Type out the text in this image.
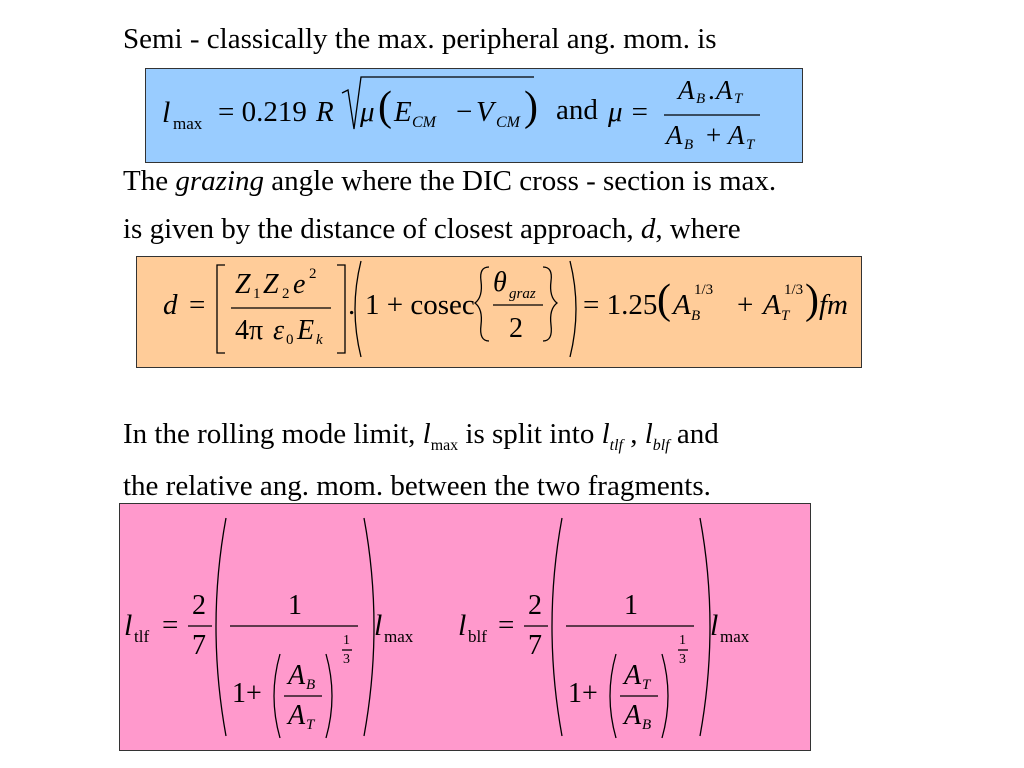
Semi - classically the max. peripheral ang. mom. is
l max = 0.219 R μ ( E CM − V CM ) and μ =
A B . A T
A B + A T
The grazing angle where the DIC cross - section is max.
is given by the distance of closest approach, d, where
d =
Z 1 Z 2 e 2
4π ε 0 E k
. 1 + cosec
θ graz
2
= 1.25 ( A B
1/3 + A T
1/3 ) fm
In the rolling mode limit, $l_{max}$ is split into $l_{tlf}$ , $l_{blf}$ and
the relative ang. mom. between the two fragments.
l tlf =
2
7
1
1+
A B
A T
1
3
l max l blf =
2
7
1
1+
A T
A B
1
3
l max
